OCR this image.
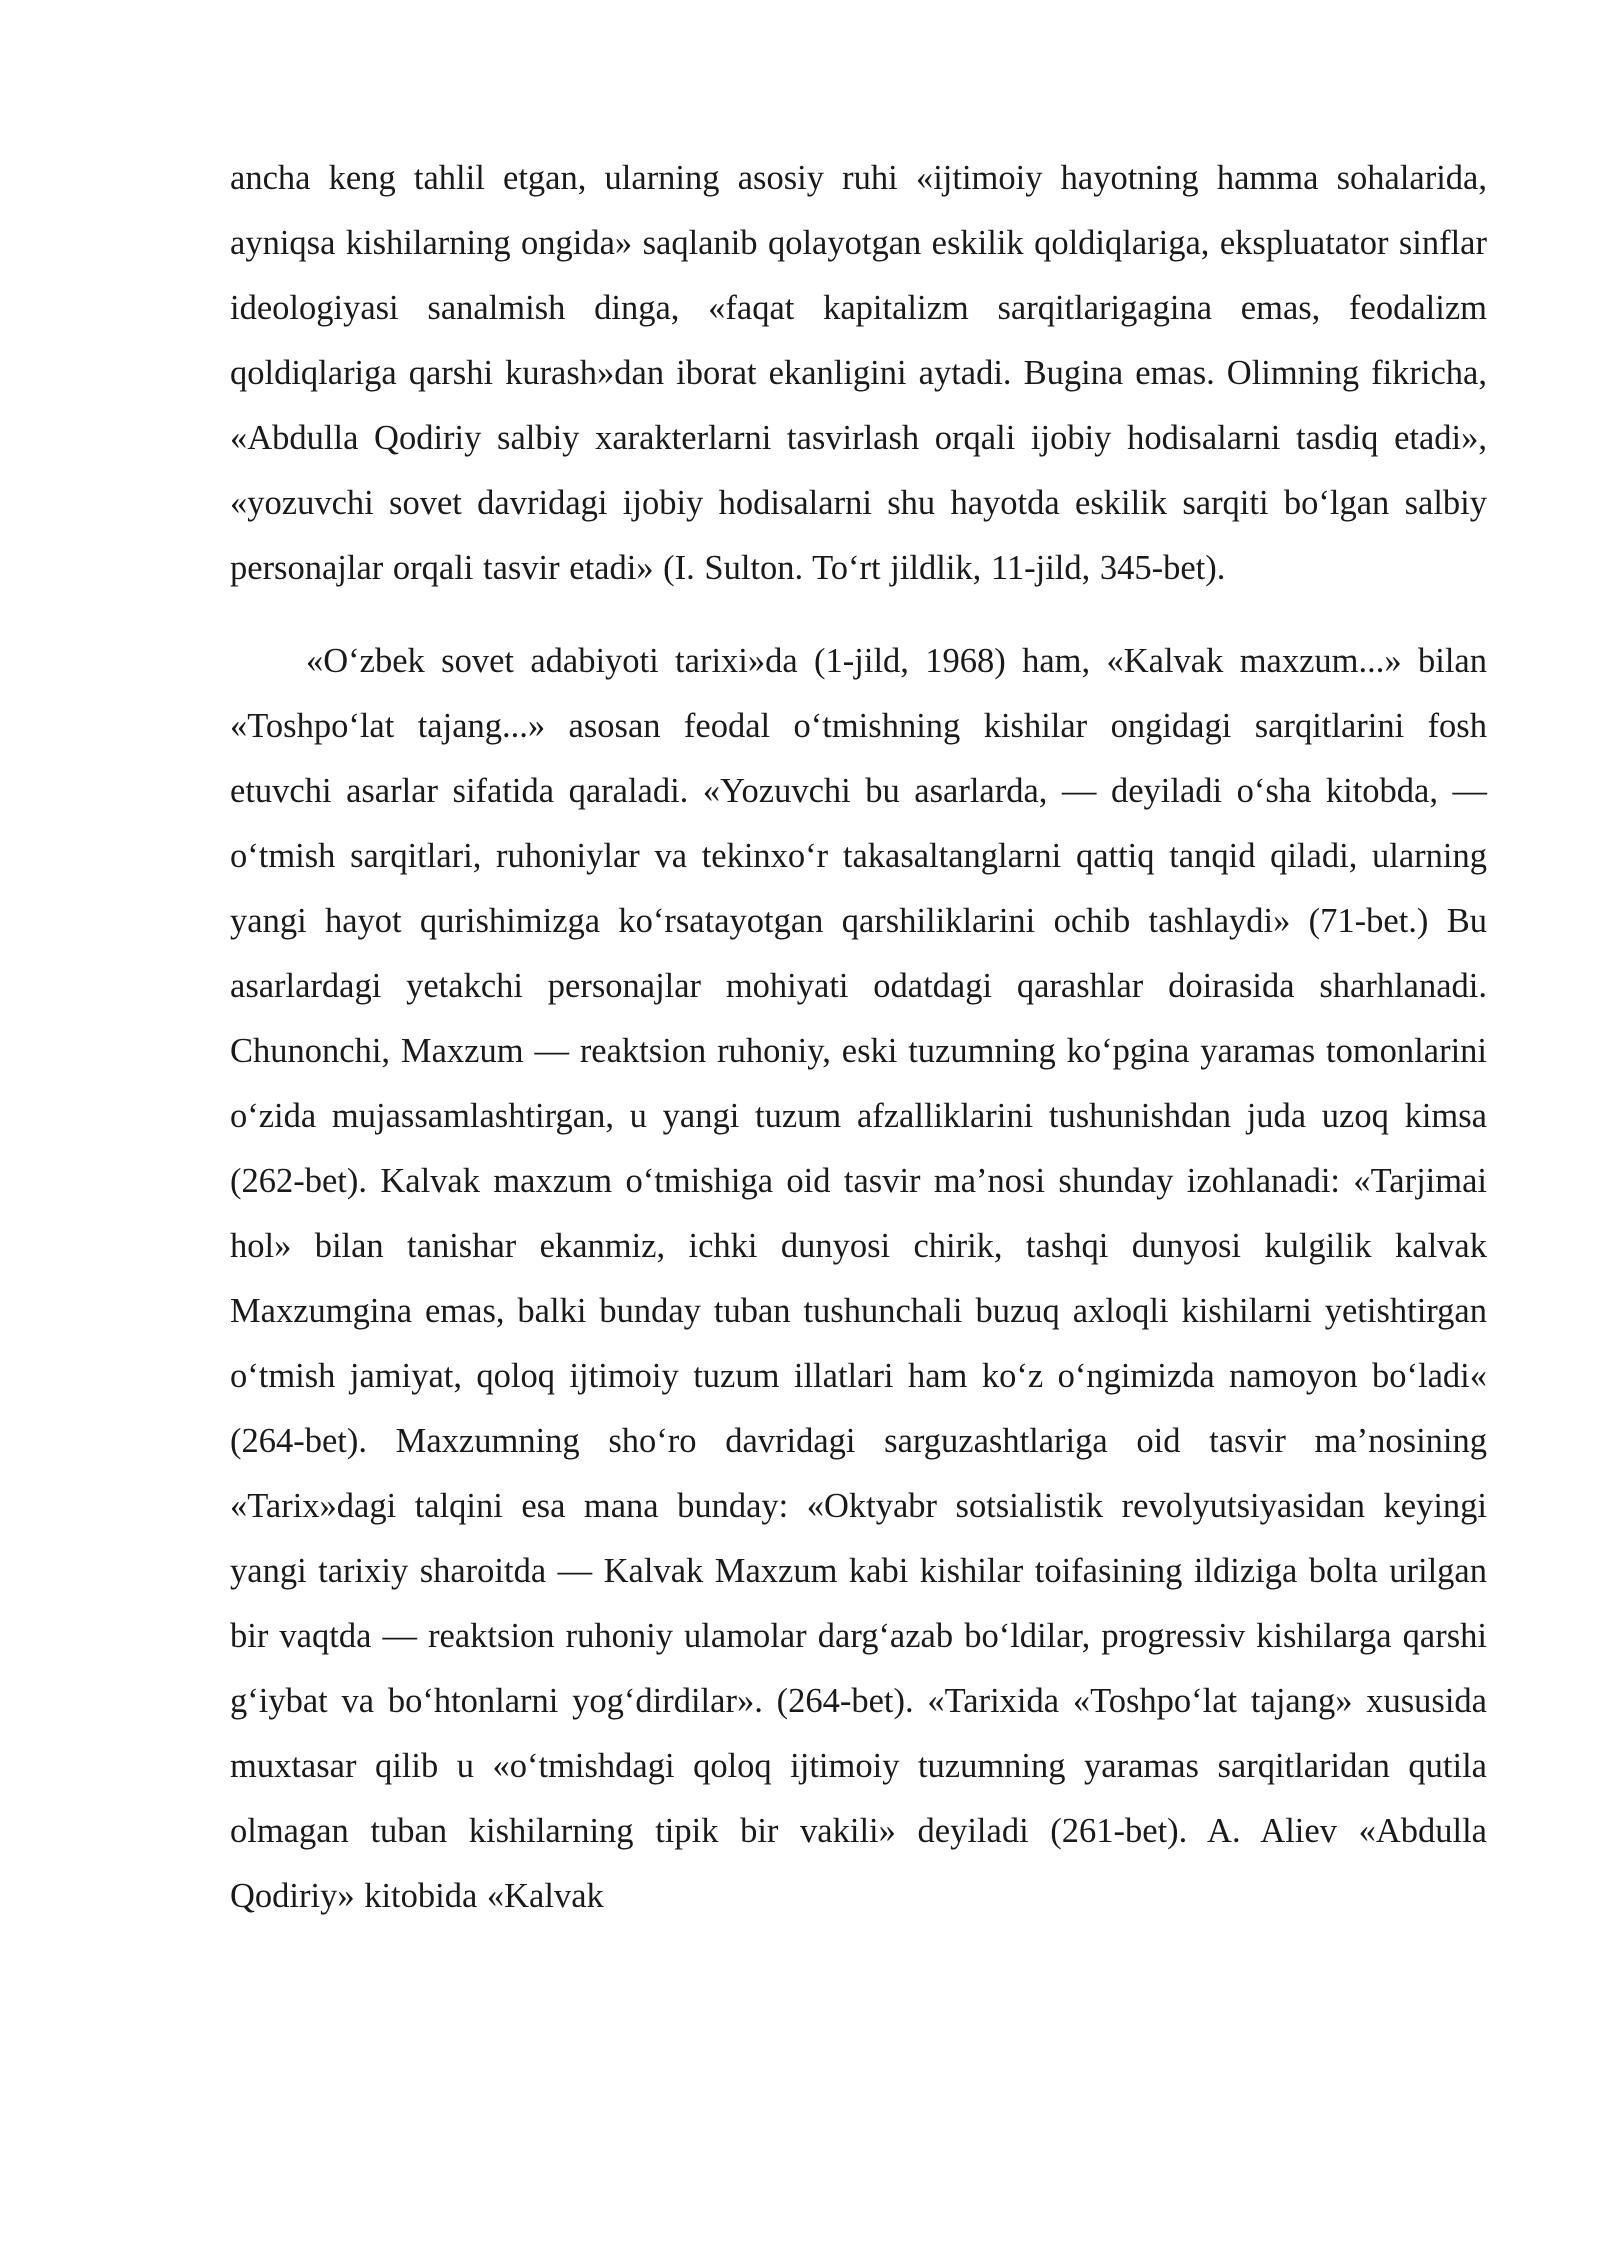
ancha keng tahlil etgan, ularning asosiy ruhi «ijtimoiy hayotning hamma sohalarida, ayniqsa kishilarning ongida» saqlanib qolayotgan eskilik qoldiqlariga, ekspluatator sinflar ideologiyasi sanalmish dinga, «faqat kapitalizm sarqitlarigagina emas, feodalizm qoldiqlariga qarshi kurash»dan iborat ekanligini aytadi. Bugina emas. Olimning fikricha, «Abdulla Qodiriy salbiy xarakterlarni tasvirlash orqali ijobiy hodisalarni tasdiq etadi», «yozuvchi sovet davridagi ijobiy hodisalarni shu hayotda eskilik sarqiti boʻlgan salbiy personajlar orqali tasvir etadi» (I. Sulton. Toʻrt jildlik, 11-jild, 345-bet).

«Oʻzbek sovet adabiyoti tarixi»da (1-jild, 1968) ham, «Kalvak maxzum...» bilan «Toshpoʻlat tajang...» asosan feodal oʻtmishning kishilar ongidagi sarqitlarini fosh etuvchi asarlar sifatida qaraladi. «Yozuvchi bu asarlarda, — deyiladi oʻsha kitobda, — oʻtmish sarqitlari, ruhoniylar va tekinxoʻr takasaltanglarni qattiq tanqid qiladi, ularning yangi hayot qurishimizga koʻrsatayotgan qarshiliklarini ochib tashlaydi» (71-bet.) Bu asarlardagi yetakchi personajlar mohiyati odatdagi qarashlar doirasida sharhlanadi. Chunonchi, Maxzum — reaktsion ruhoniy, eski tuzumning koʻpgina yaramas tomonlarini oʻzida mujassamlashtirgan, u yangi tuzum afzalliklarini tushunishdan juda uzoq kimsa (262-bet). Kalvak maxzum oʻtmishiga oid tasvir ma’nosi shunday izohlanadi: «Tarjimai hol» bilan tanishar ekanmiz, ichki dunyosi chirik, tashqi dunyosi kulgilik kalvak Maxzumgina emas, balki bunday tuban tushunchali buzuq axloqli kishilarni yetishtirgan oʻtmish jamiyat, qoloq ijtimoiy tuzum illatlari ham koʻz oʻngimizda namoyon boʻladi« (264-bet). Maxzumning shoʻro davridagi sarguzashtlariga oid tasvir ma’nosining «Tarix»dagi talqini esa mana bunday: «Oktyabr sotsialistik revolyutsiyasidan keyingi yangi tarixiy sharoitda — Kalvak Maxzum kabi kishilar toifasining ildiziga bolta urilgan bir vaqtda — reaktsion ruhoniy ulamolar dargʻazab boʻldilar, progressiv kishilarga qarshi gʻiybat va boʻhtonlarni yogʻdirdilar». (264-bet). «Tarixida «Toshpoʻlat tajang» xususida muxtasar qilib u «oʻtmishdagi qoloq ijtimoiy tuzumning yaramas sarqitlaridan qutila olmagan tuban kishilarning tipik bir vakili» deyiladi (261-bet). A. Aliev «Abdulla Qodiriy» kitobida «Kalvak
